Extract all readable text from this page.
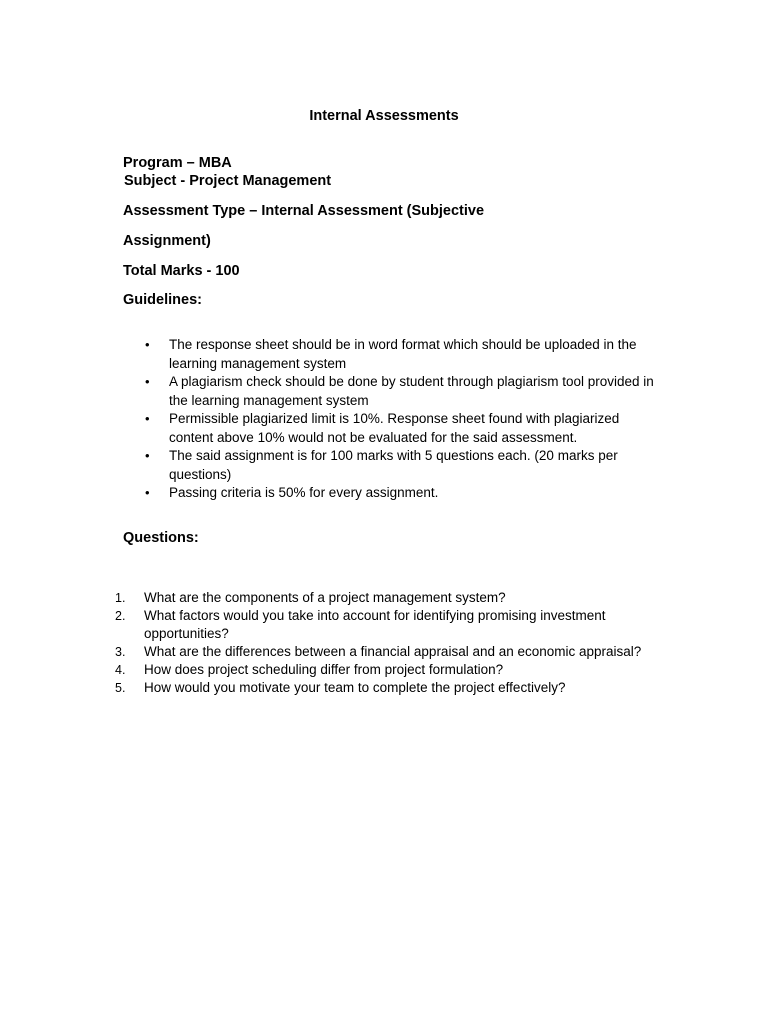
Internal Assessments
Program – MBA
Subject - Project Management
Assessment Type – Internal Assessment (Subjective
Assignment)
Total Marks - 100
Guidelines:
• The response sheet should be in word format which should be uploaded in the learning management system
• A plagiarism check should be done by student through plagiarism tool provided in the learning management system
• Permissible plagiarized limit is 10%. Response sheet found with plagiarized content above 10% would not be evaluated for the said assessment.
• The said assignment is for 100 marks with 5 questions each. (20 marks per questions)
• Passing criteria is 50% for every assignment.
Questions:
1. What are the components of a project management system?
2. What factors would you take into account for identifying promising investment opportunities?
3. What are the differences between a financial appraisal and an economic appraisal?
4. How does project scheduling differ from project formulation?
5. How would you motivate your team to complete the project effectively?
